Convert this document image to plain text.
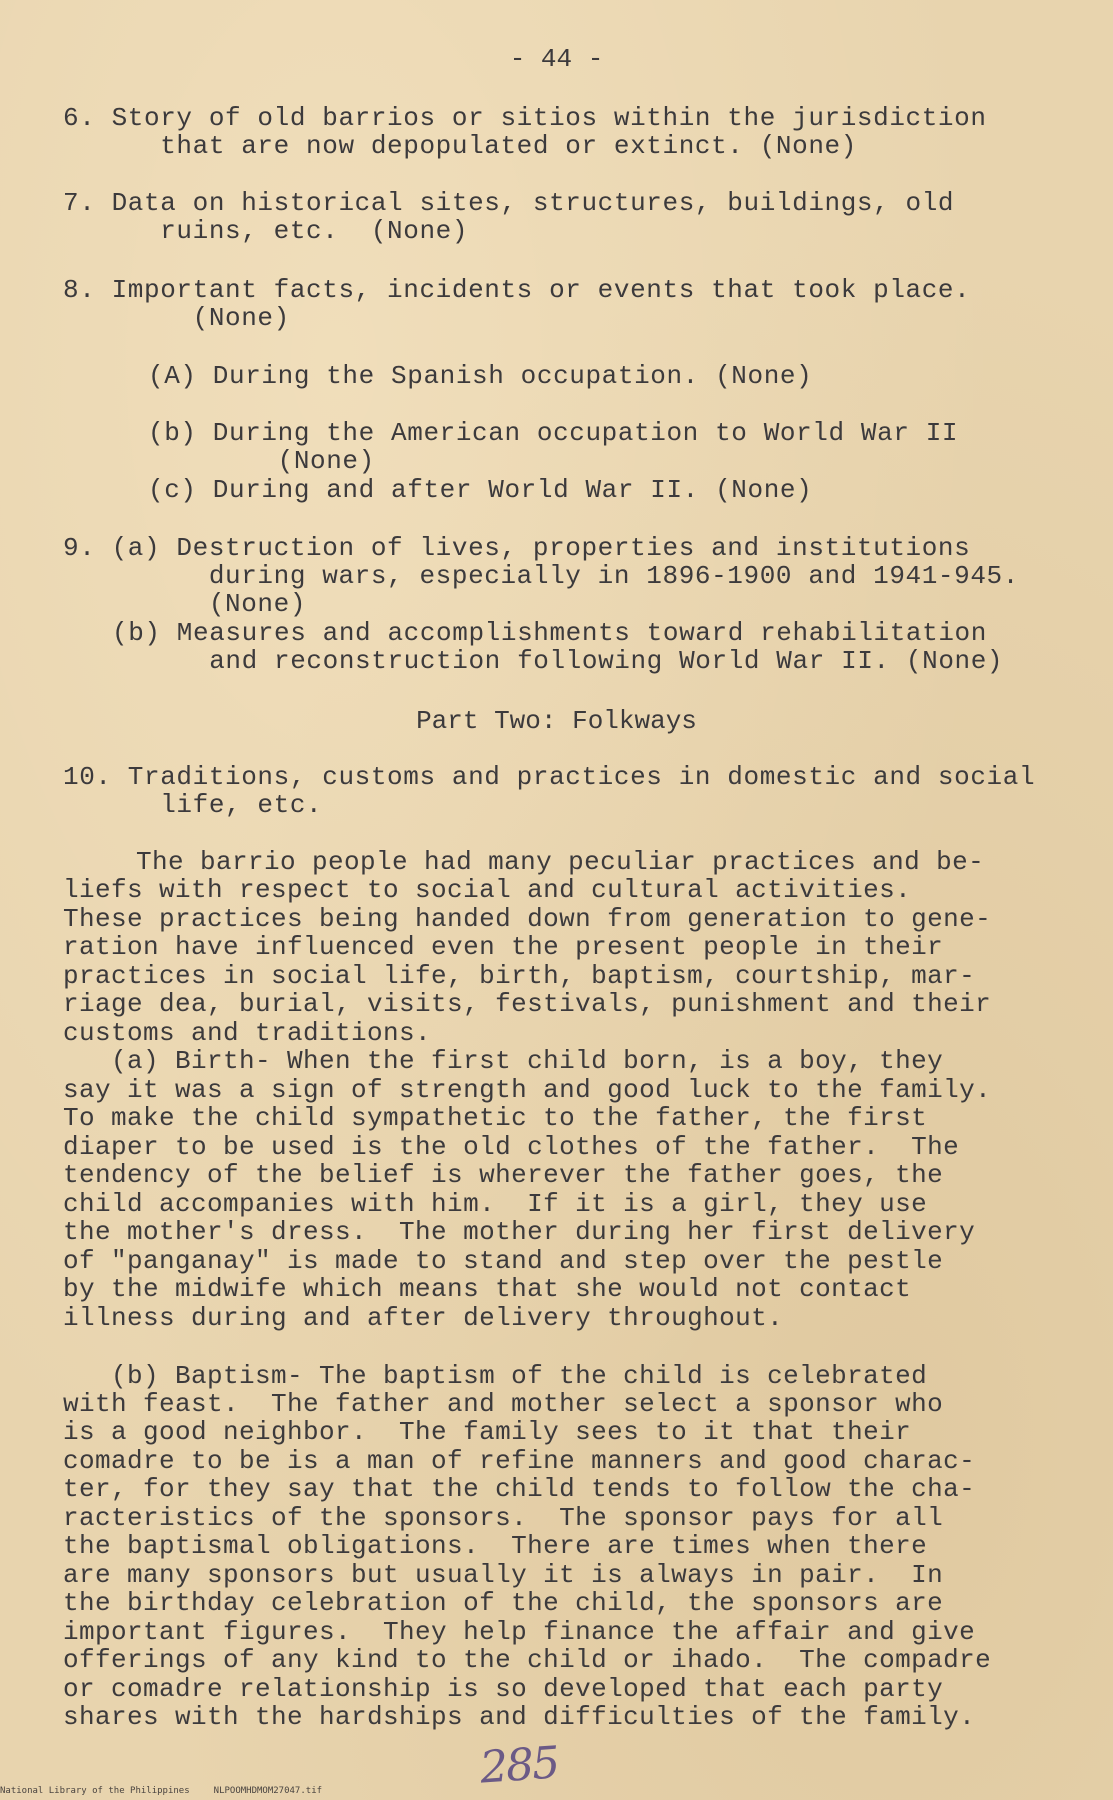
- 44 -
6. Story of old barrios or sitios within the jurisdiction
that are now depopulated or extinct. (None)
7. Data on historical sites, structures, buildings, old
ruins, etc.  (None)
8. Important facts, incidents or events that took place.
(None)
(A) During the Spanish occupation. (None)
(b) During the American occupation to World War II
(None)
(c) During and after World War II. (None)
9. (a) Destruction of lives, properties and institutions
during wars, especially in 1896-1900 and 1941-945.
(None)
(b) Measures and accomplishments toward rehabilitation
and reconstruction following World War II. (None)
Part Two: Folkways
10. Traditions, customs and practices in domestic and social
life, etc.
The barrio people had many peculiar practices and be-
liefs with respect to social and cultural activities.
These practices being handed down from generation to gene-
ration have influenced even the present people in their
practices in social life, birth, baptism, courtship, mar-
riage dea, burial, visits, festivals, punishment and their
customs and traditions.
(a) Birth- When the first child born, is a boy, they
say it was a sign of strength and good luck to the family.
To make the child sympathetic to the father, the first
diaper to be used is the old clothes of the father.  The
tendency of the belief is wherever the father goes, the
child accompanies with him.  If it is a girl, they use
the mother's dress.  The mother during her first delivery
of "panganay" is made to stand and step over the pestle
by the midwife which means that she would not contact
illness during and after delivery throughout.
(b) Baptism- The baptism of the child is celebrated
with feast.  The father and mother select a sponsor who
is a good neighbor.  The family sees to it that their
comadre to be is a man of refine manners and good charac-
ter, for they say that the child tends to follow the cha-
racteristics of the sponsors.  The sponsor pays for all
the baptismal obligations.  There are times when there
are many sponsors but usually it is always in pair.  In
the birthday celebration of the child, the sponsors are
important figures.  They help finance the affair and give
offerings of any kind to the child or ihado.  The compadre
or comadre relationship is so developed that each party
shares with the hardships and difficulties of the family.
285
National Library of the Philippines	NLPOOMHDMOM27047.tif
